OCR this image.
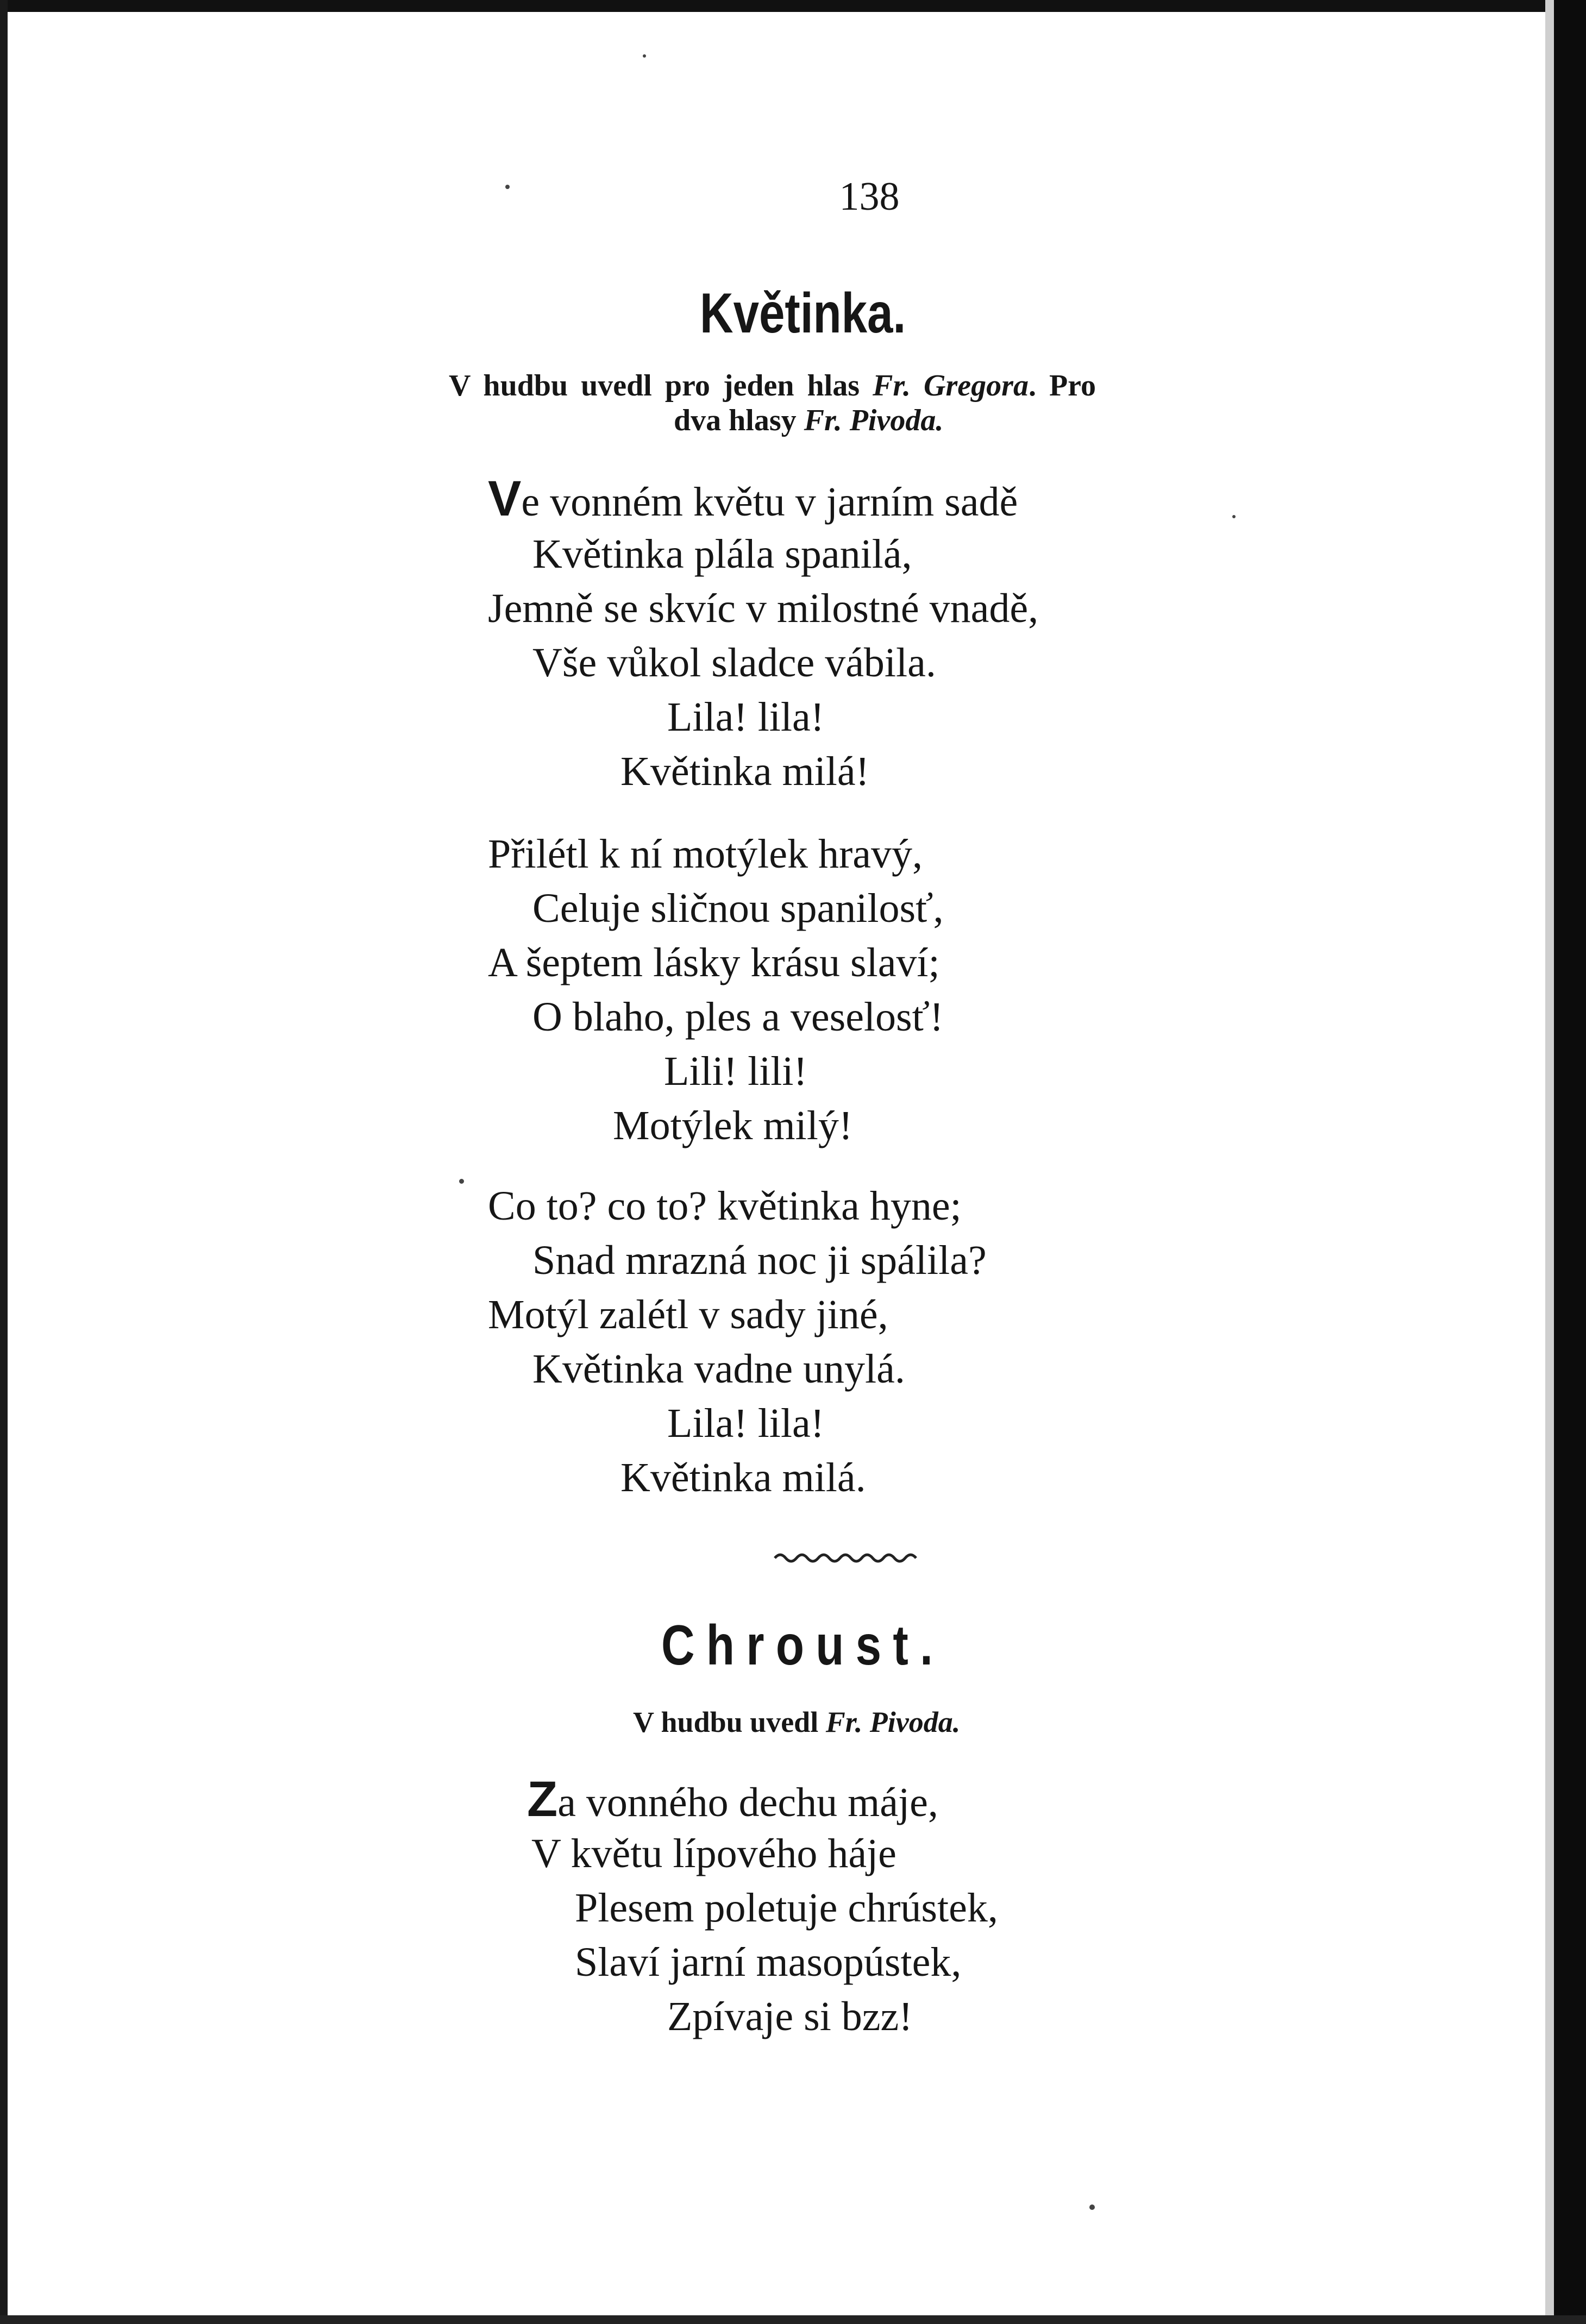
138
Květinka.
V hudbu uvedl pro jeden hlas Fr. Gregora. Pro
dva hlasy Fr. Pivoda.
Ve vonném květu v jarním sadě
Květinka plála spanilá,
Jemně se skvíc v milostné vnadě,
Vše vůkol sladce vábila.
Lila! lila!
Květinka milá!
Přilétl k ní motýlek hravý,
Celuje sličnou spanilosť,
A šeptem lásky krásu slaví;
O blaho, ples a veselosť!
Lili! lili!
Motýlek milý!
Co to? co to? květinka hyne;
Snad mrazná noc ji spálila?
Motýl zalétl v sady jiné,
Květinka vadne unylá.
Lila! lila!
Květinka milá.
Chroust.
V hudbu uvedl Fr. Pivoda.
Za vonného dechu máje,
V květu lípového háje
Plesem poletuje chrústek,
Slaví jarní masopústek,
Zpívaje si bzz!
